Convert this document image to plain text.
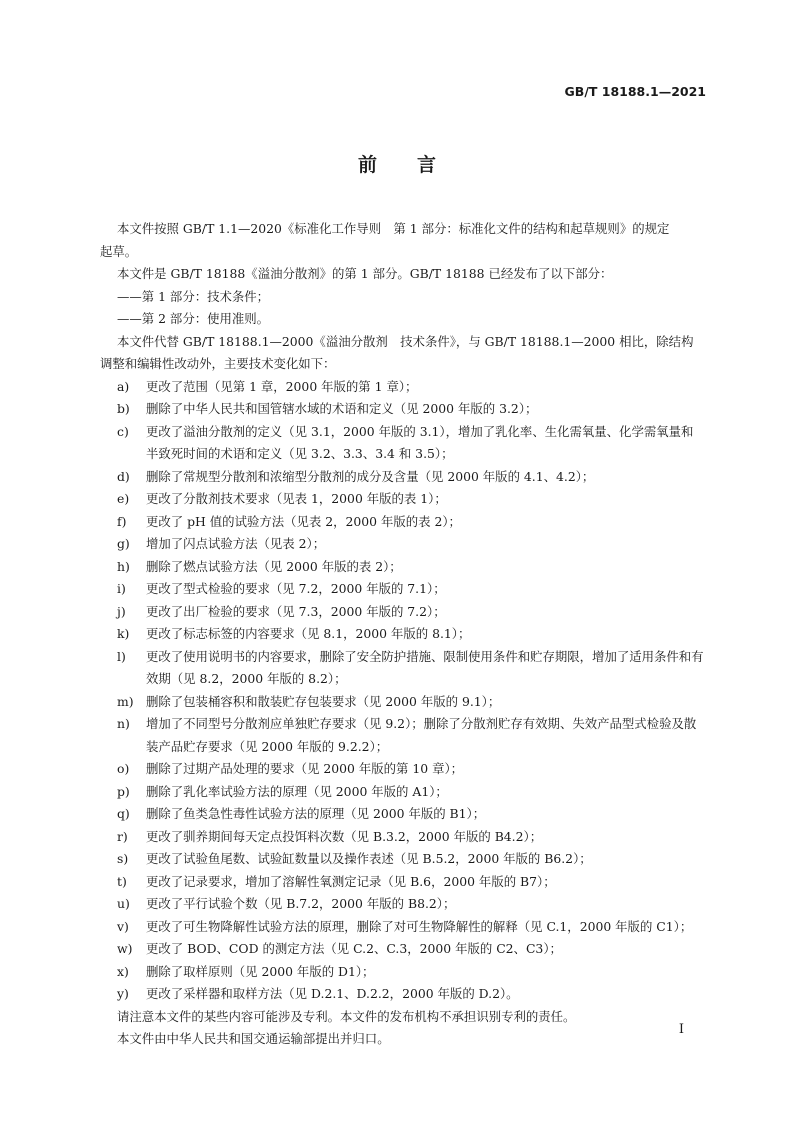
GB/T 18188.1—2021
前言

本文件按照 GB/T 1.1—2020《标准化工作导则　第 1 部分：标准化文件的结构和起草规则》的规定

起草。

本文件是 GB/T 18188《溢油分散剂》的第 1 部分。GB/T 18188 已经发布了以下部分：

——第 1 部分：技术条件；

——第 2 部分：使用准则。

本文件代替 GB/T 18188.1—2000《溢油分散剂　技术条件》，与 GB/T 18188.1—2000 相比，除结构

调整和编辑性改动外，主要技术变化如下：

a) 更改了范围（见第 1 章，2000 年版的第 1 章）；

b) 删除了中华人民共和国管辖水域的术语和定义（见 2000 年版的 3.2）；

c) 更改了溢油分散剂的定义（见 3.1，2000 年版的 3.1），增加了乳化率、生化需氧量、化学需氧量和半致死时间的术语和定义（见 3.2、3.3、3.4 和 3.5）；

d) 删除了常规型分散剂和浓缩型分散剂的成分及含量（见 2000 年版的 4.1、4.2）；

e) 更改了分散剂技术要求（见表 1，2000 年版的表 1）；

f) 更改了 pH 值的试验方法（见表 2，2000 年版的表 2）；

g) 增加了闪点试验方法（见表 2）；

h) 删除了燃点试验方法（见 2000 年版的表 2）；

i) 更改了型式检验的要求（见 7.2，2000 年版的 7.1）；

j) 更改了出厂检验的要求（见 7.3，2000 年版的 7.2）；

k) 更改了标志标签的内容要求（见 8.1，2000 年版的 8.1）；

l) 更改了使用说明书的内容要求，删除了安全防护措施、限制使用条件和贮存期限，增加了适用条件和有效期（见 8.2，2000 年版的 8.2）；

m) 删除了包装桶容积和散装贮存包装要求（见 2000 年版的 9.1）；

n) 增加了不同型号分散剂应单独贮存要求（见 9.2）；删除了分散剂贮存有效期、失效产品型式检验及散装产品贮存要求（见 2000 年版的 9.2.2）；

o) 删除了过期产品处理的要求（见 2000 年版的第 10 章）；

p) 删除了乳化率试验方法的原理（见 2000 年版的 A1）；

q) 删除了鱼类急性毒性试验方法的原理（见 2000 年版的 B1）；

r) 更改了驯养期间每天定点投饵料次数（见 B.3.2，2000 年版的 B4.2）；

s) 更改了试验鱼尾数、试验缸数量以及操作表述（见 B.5.2，2000 年版的 B6.2）；

t) 更改了记录要求，增加了溶解性氧测定记录（见 B.6，2000 年版的 B7）；

u) 更改了平行试验个数（见 B.7.2，2000 年版的 B8.2）；

v) 更改了可生物降解性试验方法的原理，删除了对可生物降解性的解释（见 C.1，2000 年版的 C1）；

w) 更改了 BOD、COD 的测定方法（见 C.2、C.3，2000 年版的 C2、C3）；

x) 删除了取样原则（见 2000 年版的 D1）；

y) 更改了采样器和取样方法（见 D.2.1、D.2.2，2000 年版的 D.2）。

请注意本文件的某些内容可能涉及专利。本文件的发布机构不承担识别专利的责任。

本文件由中华人民共和国交通运输部提出并归口。

I
